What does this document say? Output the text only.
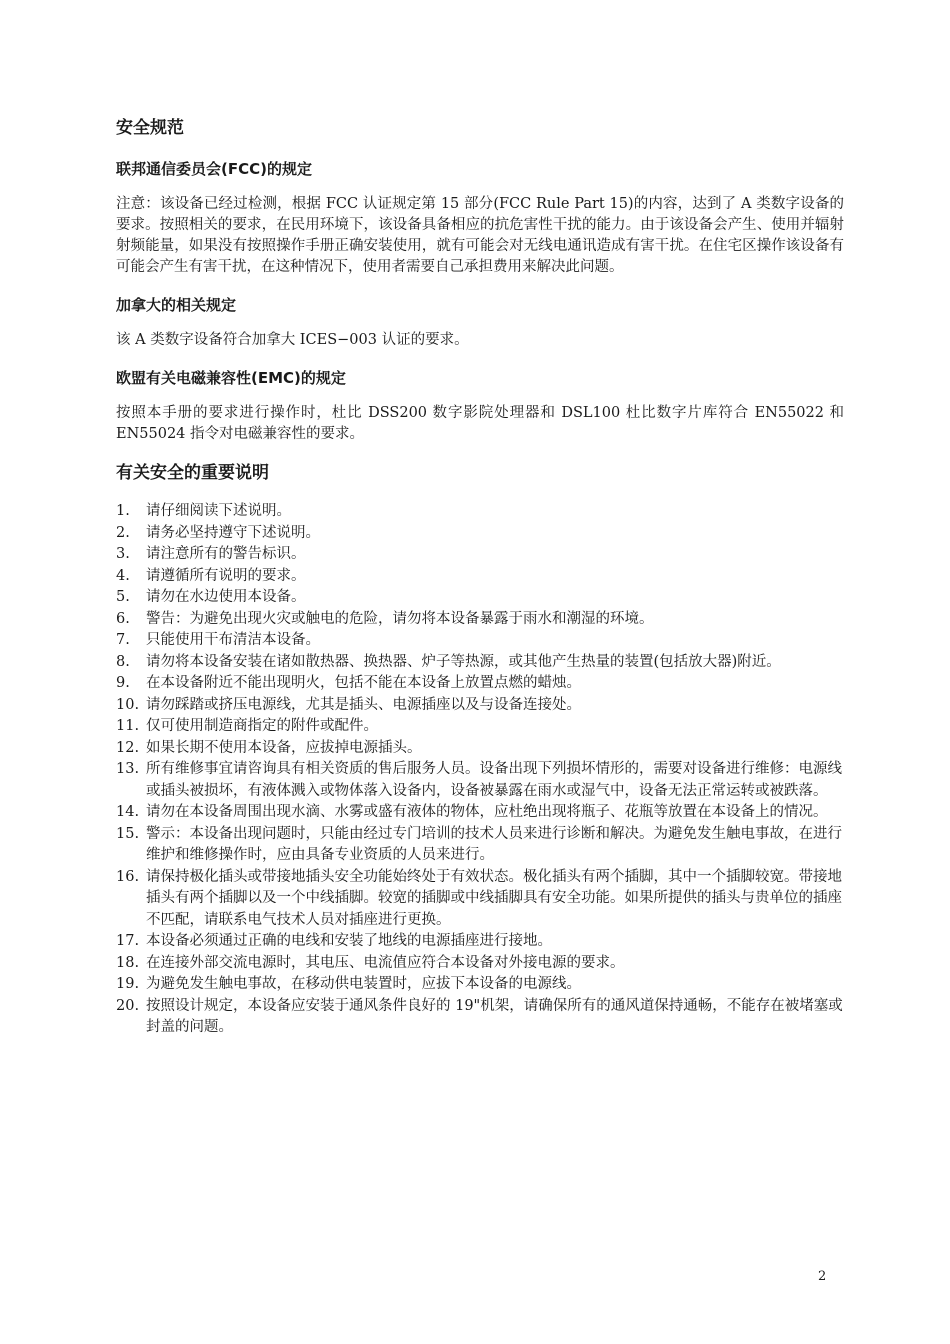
安全规范
联邦通信委员会(FCC)的规定

注意：该设备已经过检测，根据 FCC 认证规定第 15 部分(FCC Rule Part 15)的内容，达到了 A 类数字设备的要求。按照相关的要求，在民用环境下，该设备具备相应的抗危害性干扰的能力。由于该设备会产生、使用并辐射射频能量，如果没有按照操作手册正确安装使用，就有可能会对无线电通讯造成有害干扰。在住宅区操作该设备有可能会产生有害干扰，在这种情况下，使用者需要自己承担费用来解决此问题。

加拿大的相关规定

该 A 类数字设备符合加拿大 ICES−003 认证的要求。

欧盟有关电磁兼容性(EMC)的规定

按照本手册的要求进行操作时，杜比 DSS200 数字影院处理器和 DSL100 杜比数字片库符合 EN55022 和 EN55024 指令对电磁兼容性的要求。

有关安全的重要说明
1.	请仔细阅读下述说明。
2.	请务必坚持遵守下述说明。
3.	请注意所有的警告标识。
4.	请遵循所有说明的要求。
5.	请勿在水边使用本设备。
6.	警告：为避免出现火灾或触电的危险，请勿将本设备暴露于雨水和潮湿的环境。
7.	只能使用干布清洁本设备。
8.	请勿将本设备安装在诸如散热器、换热器、炉子等热源，或其他产生热量的装置(包括放大器)附近。
9.	在本设备附近不能出现明火，包括不能在本设备上放置点燃的蜡烛。
10. 请勿踩踏或挤压电源线，尤其是插头、电源插座以及与设备连接处。
11. 仅可使用制造商指定的附件或配件。
12. 如果长期不使用本设备，应拔掉电源插头。
13. 所有维修事宜请咨询具有相关资质的售后服务人员。设备出现下列损坏情形的，需要对设备进行维修：电源线或插头被损坏，有液体溅入或物体落入设备内，设备被暴露在雨水或湿气中，设备无法正常运转或被跌落。
14. 请勿在本设备周围出现水滴、水雾或盛有液体的物体，应杜绝出现将瓶子、花瓶等放置在本设备上的情况。
15. 警示：本设备出现问题时，只能由经过专门培训的技术人员来进行诊断和解决。为避免发生触电事故，在进行维护和维修操作时，应由具备专业资质的人员来进行。
16. 请保持极化插头或带接地插头安全功能始终处于有效状态。极化插头有两个插脚，其中一个插脚较宽。带接地插头有两个插脚以及一个中线插脚。较宽的插脚或中线插脚具有安全功能。如果所提供的插头与贵单位的插座不匹配，请联系电气技术人员对插座进行更换。
17. 本设备必须通过正确的电线和安装了地线的电源插座进行接地。
18. 在连接外部交流电源时，其电压、电流值应符合本设备对外接电源的要求。
19. 为避免发生触电事故，在移动供电装置时，应拔下本设备的电源线。
20. 按照设计规定，本设备应安装于通风条件良好的 19"机架，请确保所有的通风道保持通畅，不能存在被堵塞或封盖的问题。
2
